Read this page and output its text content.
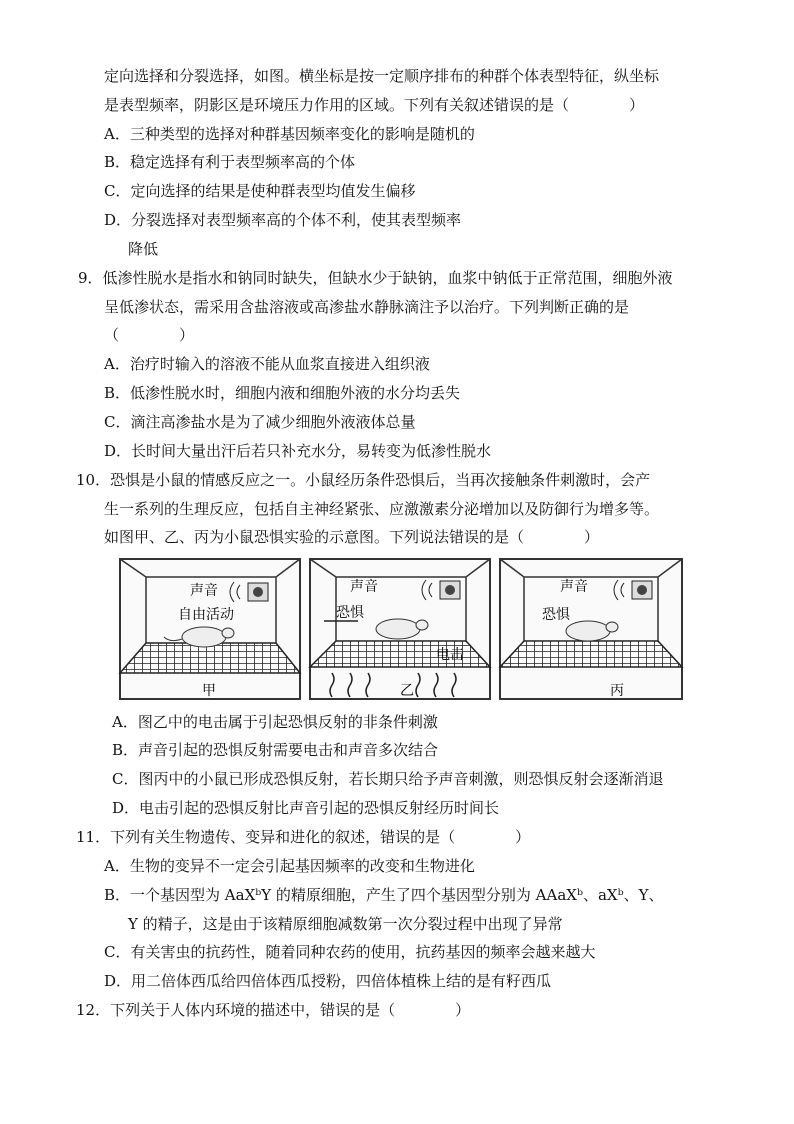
定向选择和分裂选择，如图。横坐标是按一定顺序排布的种群个体表型特征，纵坐标
是表型频率，阴影区是环境压力作用的区域。下列有关叙述错误的是（　　　　）
A．三种类型的选择对种群基因频率变化的影响是随机的
B．稳定选择有利于表型频率高的个体
C．定向选择的结果是使种群表型均值发生偏移
D．分裂选择对表型频率高的个体不利，使其表型频率
降低
9．低渗性脱水是指水和钠同时缺失，但缺水少于缺钠，血浆中钠低于正常范围，细胞外液
呈低渗状态，需采用含盐溶液或高渗盐水静脉滴注予以治疗。下列判断正确的是
（　　　　）
A．治疗时输入的溶液不能从血浆直接进入组织液
B．低渗性脱水时，细胞内液和细胞外液的水分均丢失
C．滴注高渗盐水是为了减少细胞外液液体总量
D．长时间大量出汗后若只补充水分，易转变为低渗性脱水
10．恐惧是小鼠的情感反应之一。小鼠经历条件恐惧后，当再次接触条件刺激时，会产
生一系列的生理反应，包括自主神经紧张、应激激素分泌增加以及防御行为增多等。
如图甲、乙、丙为小鼠恐惧实验的示意图。下列说法错误的是（　　　　）
声音
自由活动
甲
声音
恐惧
电击
乙
声音
恐惧
丙
A．图乙中的电击属于引起恐惧反射的非条件刺激
B．声音引起的恐惧反射需要电击和声音多次结合
C．图丙中的小鼠已形成恐惧反射，若长期只给予声音刺激，则恐惧反射会逐渐消退
D．电击引起的恐惧反射比声音引起的恐惧反射经历时间长
11．下列有关生物遗传、变异和进化的叙述，错误的是（　　　　）
A．生物的变异不一定会引起基因频率的改变和生物进化
B．一个基因型为 AaXᵇY 的精原细胞，产生了四个基因型分别为 AAaXᵇ、aXᵇ、Y、
Y 的精子，这是由于该精原细胞减数第一次分裂过程中出现了异常
C．有关害虫的抗药性，随着同种农药的使用，抗药基因的频率会越来越大
D．用二倍体西瓜给四倍体西瓜授粉，四倍体植株上结的是有籽西瓜
12．下列关于人体内环境的描述中，错误的是（　　　　）
